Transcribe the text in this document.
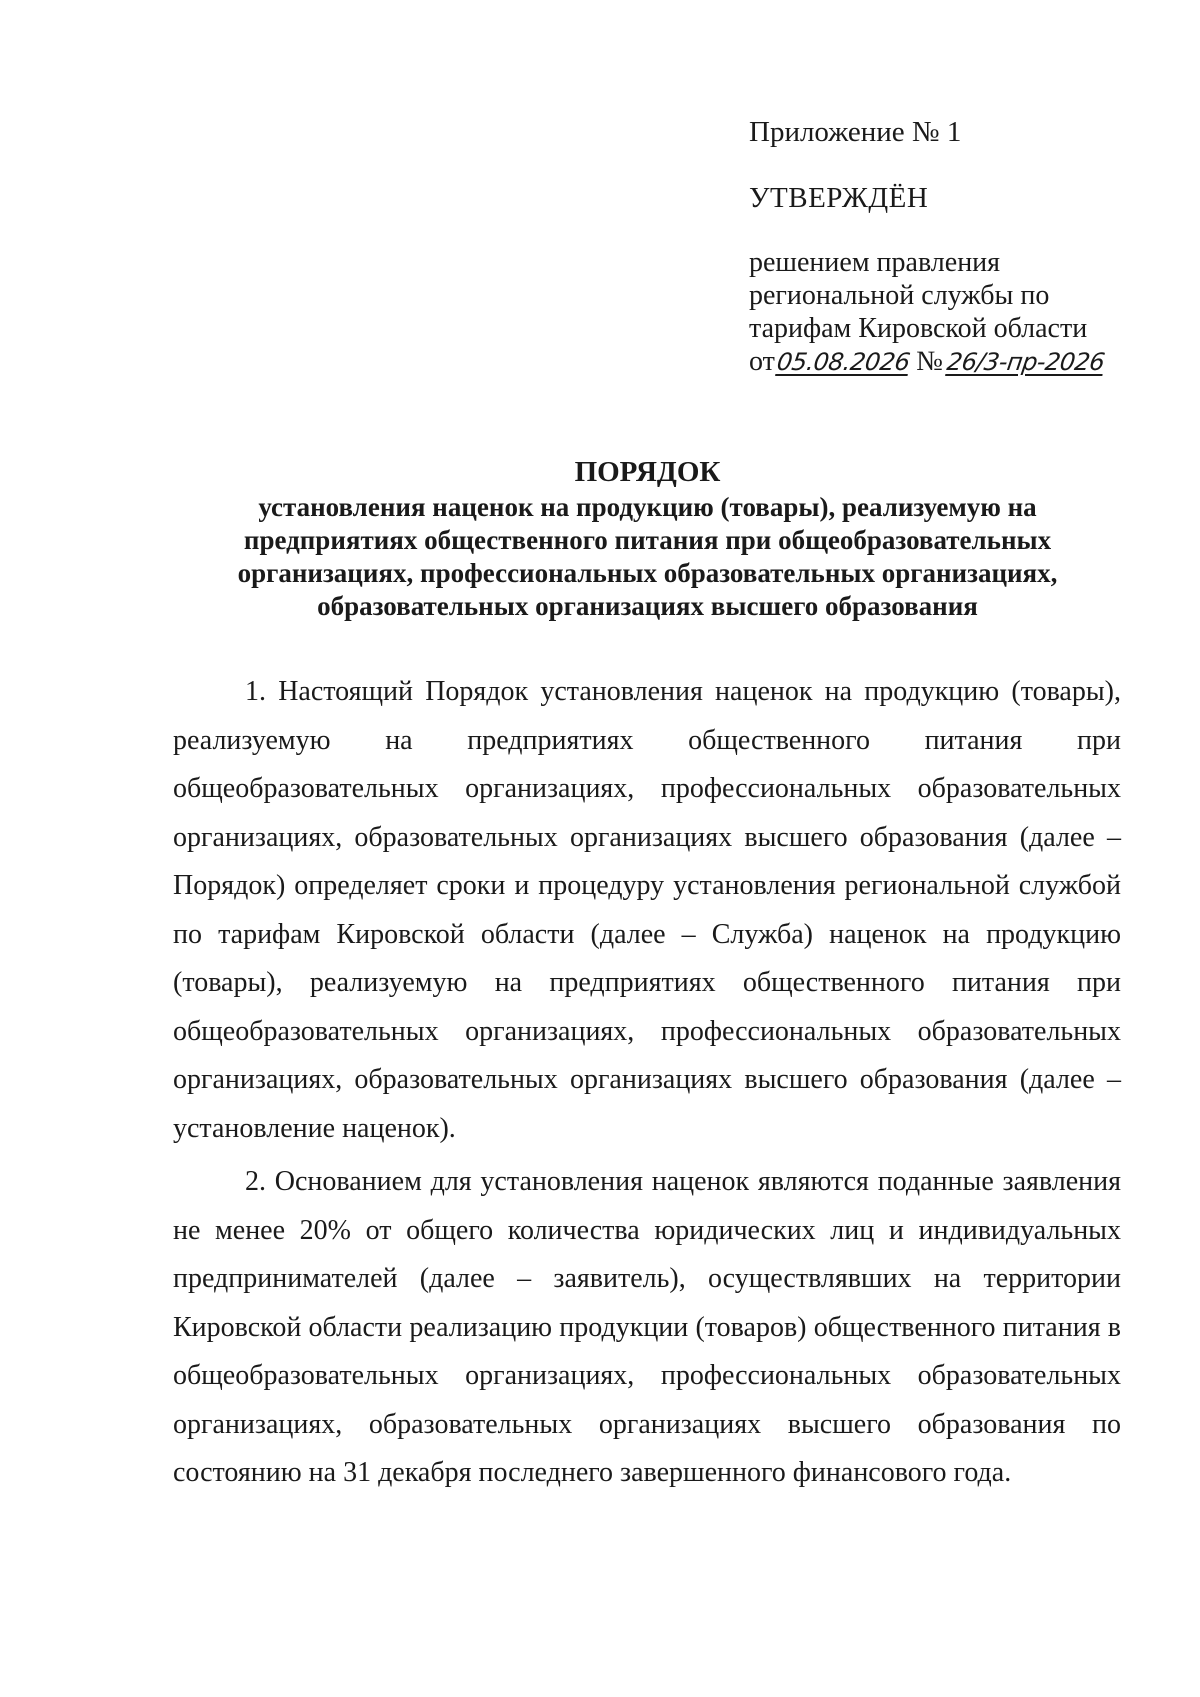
Приложение № 1
УТВЕРЖДЁН
решением правления
региональной службы по
тарифам Кировской области
от05.08.2026 №26/3-пр-2026
ПОРЯДОК
установления наценок на продукцию (товары), реализуемую на
предприятиях общественного питания при общеобразовательных
организациях, профессиональных образовательных организациях,
образовательных организациях высшего образования

1. Настоящий Порядок установления наценок на продукцию (товары), реализуемую на предприятиях общественного питания при общеобразовательных организациях, профессиональных образовательных организациях, образовательных организациях высшего образования (далее – Порядок) определяет сроки и процедуру установления региональной службой по тарифам Кировской области (далее – Служба) наценок на продукцию (товары), реализуемую на предприятиях общественного питания при общеобразовательных организациях, профессиональных образовательных организациях, образовательных организациях высшего образования (далее – установление наценок).

2. Основанием для установления наценок являются поданные заявления не менее 20% от общего количества юридических лиц и индивидуальных предпринимателей (далее – заявитель), осуществлявших на территории Кировской области реализацию продукции (товаров) общественного питания в общеобразовательных организациях, профессиональных образовательных организациях, образовательных организациях высшего образования по состоянию на 31 декабря последнего завершенного финансового года.
